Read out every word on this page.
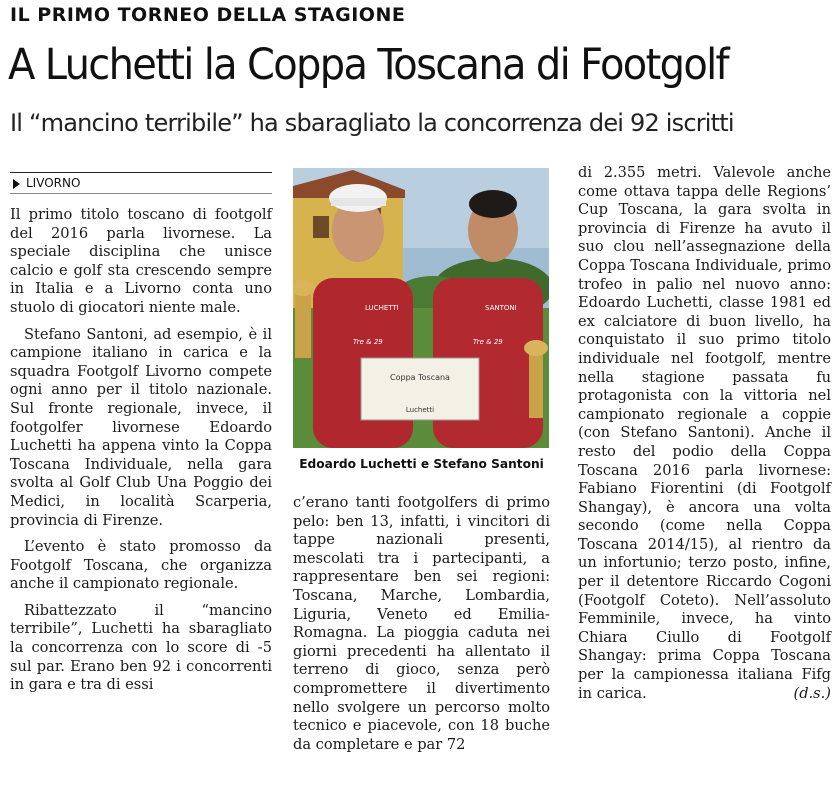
IL PRIMO TORNEO DELLA STAGIONE
A Luchetti la Coppa Toscana di Footgolf
Il “mancino terribile” ha sbaragliato la concorrenza dei 92 iscritti
LIVORNO

Il primo titolo toscano di footgolf del 2016 parla livornese. La speciale disciplina che unisce calcio e golf sta crescendo sempre in Italia e a Livorno conta uno stuolo di giocatori niente male.

Stefano Santoni, ad esempio, è il campione italiano in carica e la squadra Footgolf Livorno compete ogni anno per il titolo nazionale. Sul fronte regionale, invece, il footgolfer livornese Edoardo Luchetti ha appena vinto la Coppa Toscana Individuale, nella gara svolta al Golf Club Una Poggio dei Medici, in località Scarperia, provincia di Firenze.

L’evento è stato promosso da Footgolf Toscana, che organizza anche il campionato regionale.

Ribattezzato il “mancino terribile”, Luchetti ha sbaragliato la concorrenza con lo score di -5 sul par. Erano ben 92 i concorrenti in gara e tra di essi

Coppa Toscana
Luchetti
LUCHETTI	SANTONI
Tre & 29	Tre & 29
Edoardo Luchetti e Stefano Santoni

c’erano tanti footgolfers di primo pelo: ben 13, infatti, i vincitori di tappe nazionali presenti, mescolati tra i partecipanti, a rappresentare ben sei regioni: Toscana, Marche, Lombardia, Liguria, Veneto ed Emilia-Romagna. La pioggia caduta nei giorni precedenti ha allentato il terreno di gioco, senza però compromettere il divertimento nello svolgere un percorso molto tecnico e piacevole, con 18 buche da completare e par 72

di 2.355 metri. Valevole anche come ottava tappa delle Regions’ Cup Toscana, la gara svolta in provincia di Firenze ha avuto il suo clou nell’assegnazione della Coppa Toscana Individuale, primo trofeo in palio nel nuovo anno: Edoardo Luchetti, classe 1981 ed ex calciatore di buon livello, ha conquistato il suo primo titolo individuale nel footgolf, mentre nella stagione passata fu protagonista con la vittoria nel campionato regionale a coppie (con Stefano Santoni). Anche il resto del podio della Coppa Toscana 2016 parla livornese: Fabiano Fiorentini (di Footgolf Shangay), è ancora una volta secondo (come nella Coppa Toscana 2014/15), al rientro da un infortunio; terzo posto, infine, per il detentore Riccardo Cogoni (Footgolf Coteto). Nell’assoluto Femminile, invece, ha vinto Chiara Ciullo di Footgolf Shangay: prima Coppa Toscana per la campionessa italiana Fifg in carica.	(d.s.)
